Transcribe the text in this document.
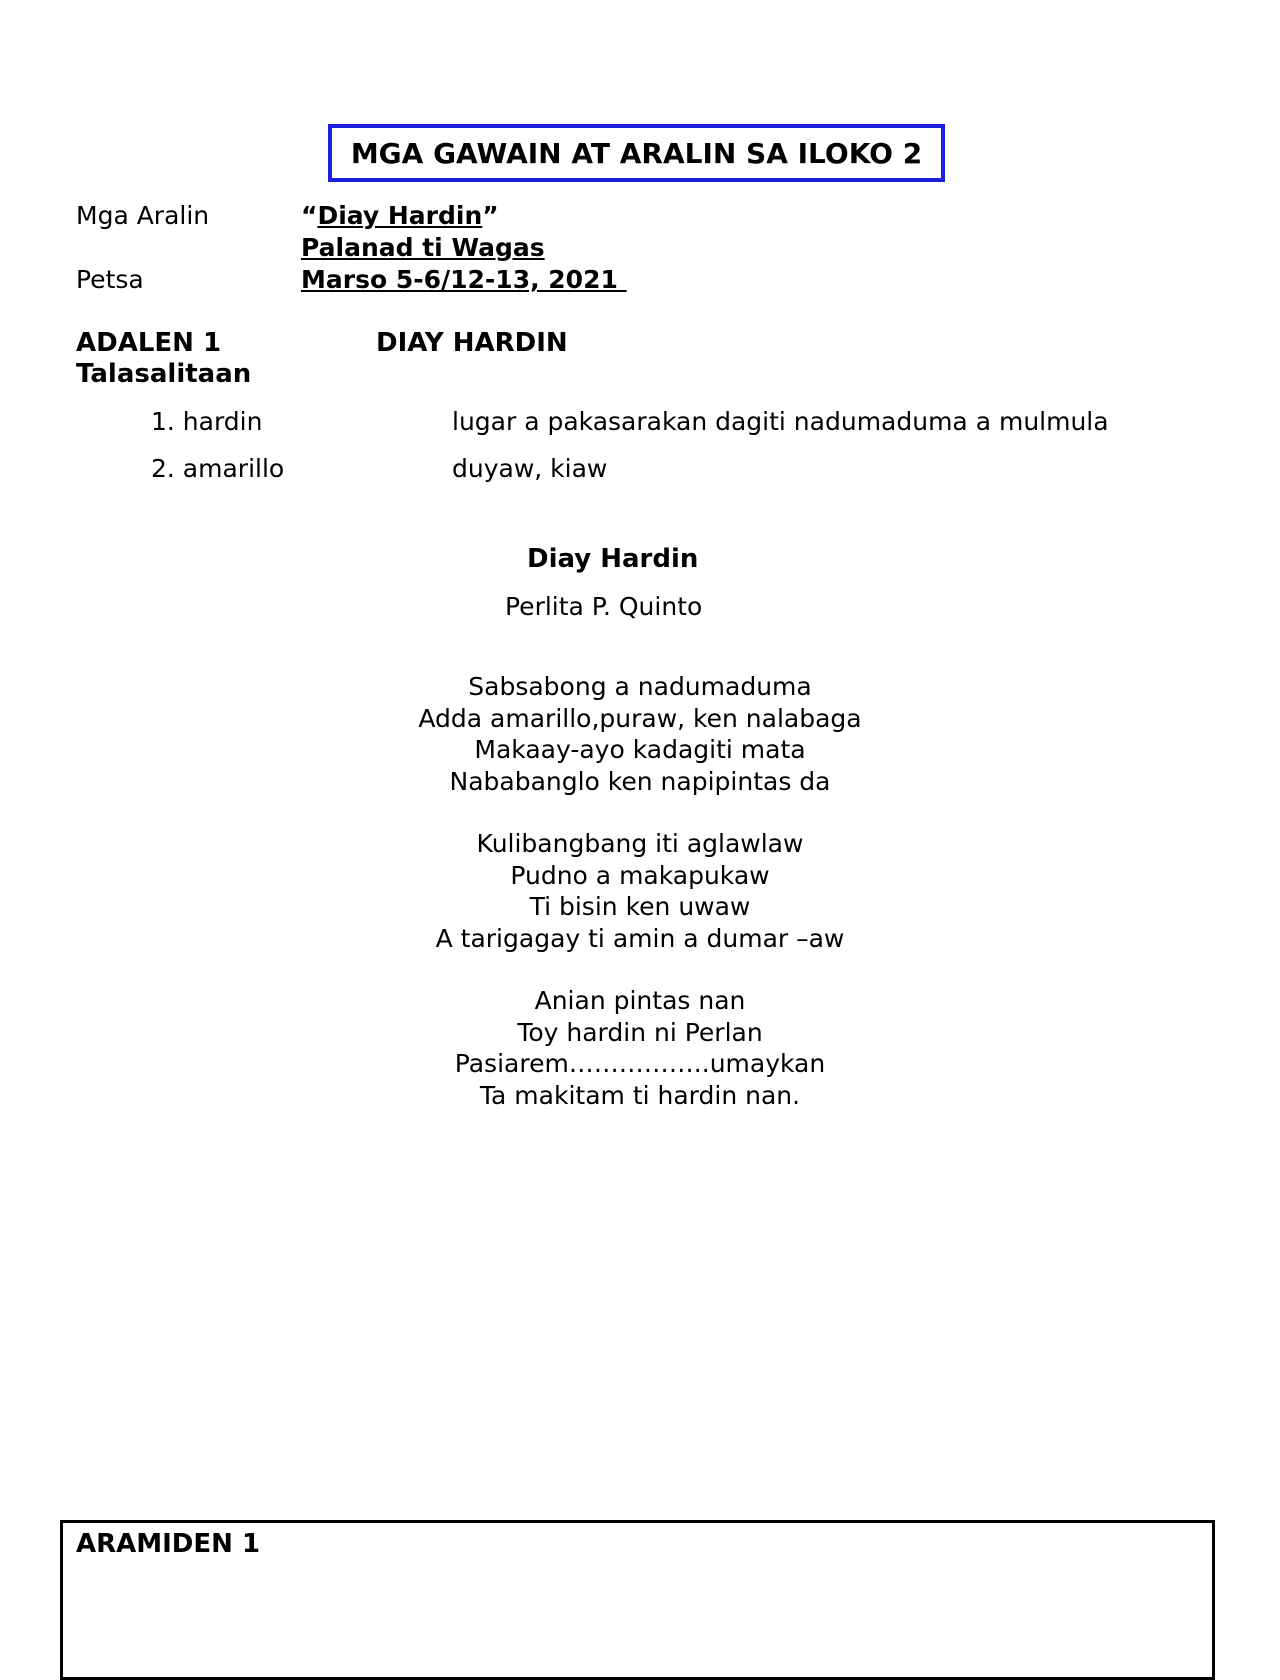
MGA GAWAIN AT ARALIN SA ILOKO 2
Mga Aralin	“Diay Hardin”
Palanad ti Wagas
Petsa	Marso 5-6/12-13, 2021
ADALEN 1	DIAY HARDIN
Talasalitaan
1. hardin	lugar a pakasarakan dagiti nadumaduma a mulmula
2. amarillo	duyaw, kiaw
Diay Hardin
Perlita P. Quinto
Sabsabong a nadumaduma
Adda amarillo,puraw, ken nalabaga
Makaay-ayo kadagiti mata
Nababanglo ken napipintas da
Kulibangbang iti aglawlaw
Pudno a makapukaw
Ti bisin ken uwaw
A tarigagay ti amin a dumar –aw
Anian pintas nan
Toy hardin ni Perlan
Pasiarem……………..umaykan
Ta makitam ti hardin nan.
ARAMIDEN 1
